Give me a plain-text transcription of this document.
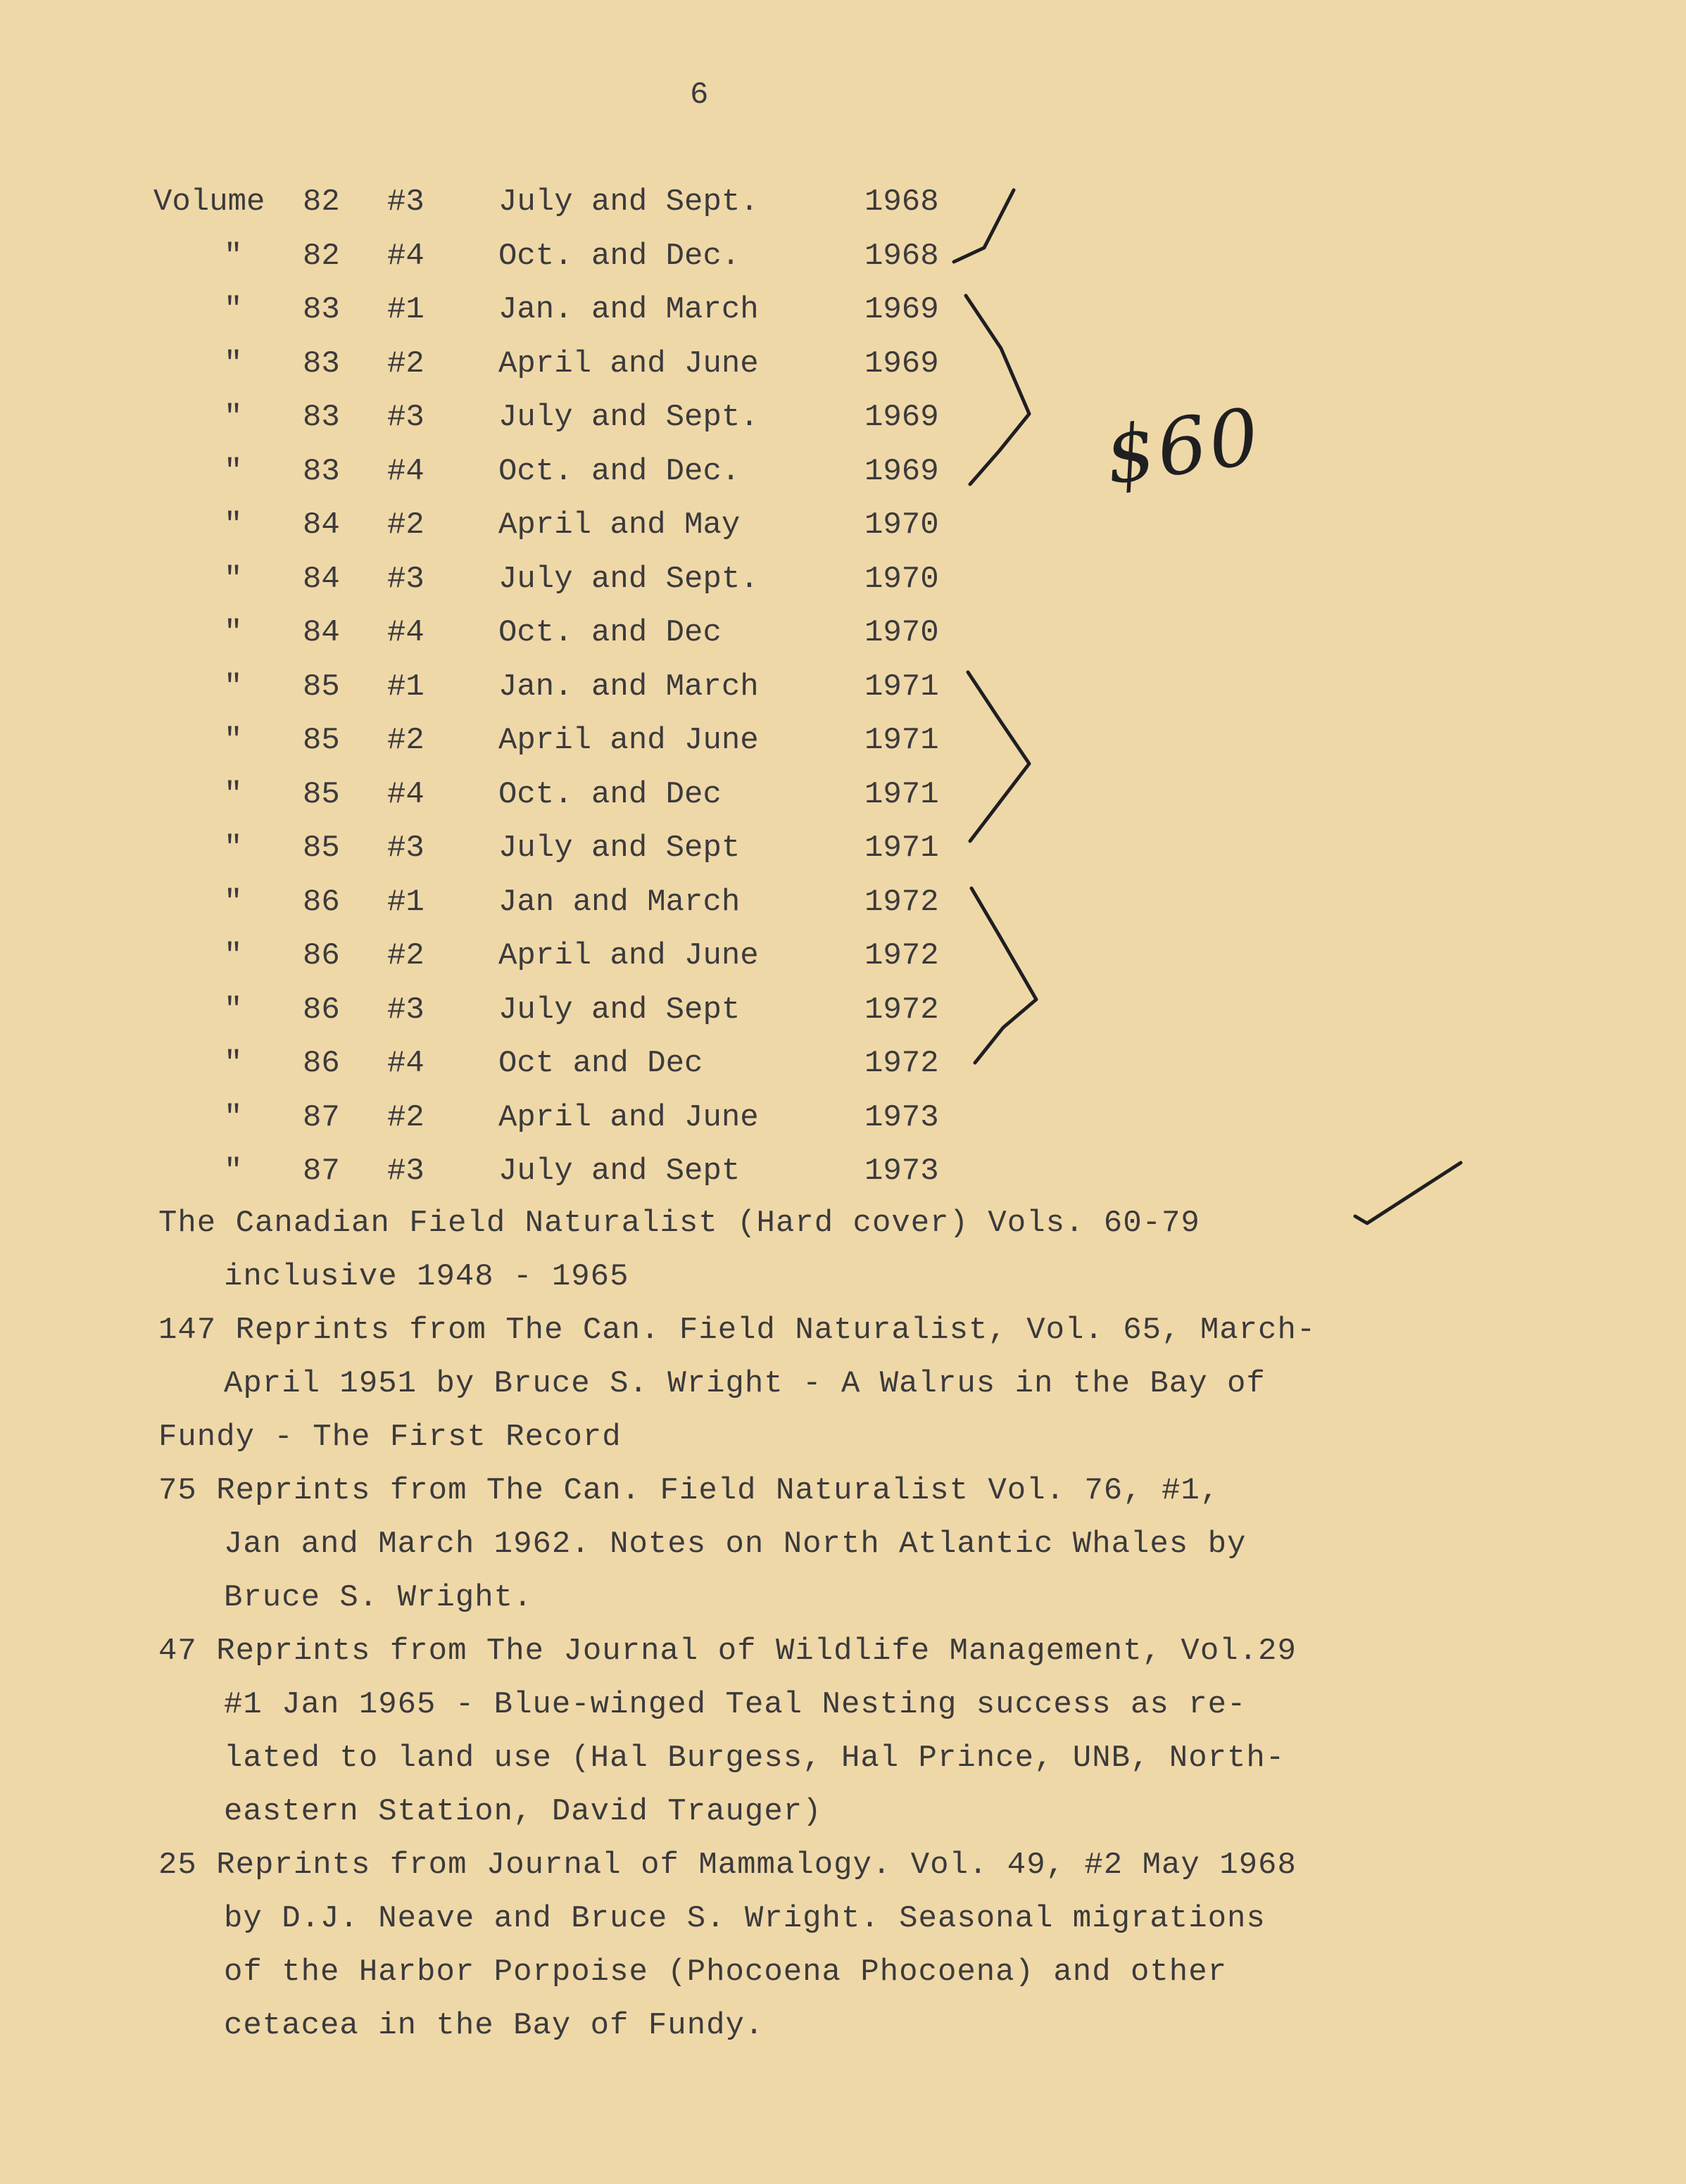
6
Volume 82 #3 July and Sept.	1968
" 82 #4 Oct. and Dec.	1968
" 83 #1 Jan. and March	1969
" 83 #2 April and June	1969
" 83 #3 July and Sept.	1969
" 83 #4 Oct. and Dec.	1969
" 84 #2 April and May	1970
" 84 #3 July and Sept.	1970
" 84 #4 Oct. and Dec	1970
" 85 #1 Jan. and March	1971
" 85 #2 April and June	1971
" 85 #4 Oct. and Dec	1971
" 85 #3 July and Sept	1971
" 86 #1 Jan and March	1972
" 86 #2 April and June	1972
" 86 #3 July and Sept	1972
" 86 #4 Oct and Dec	1972
" 87 #2 April and June	1973
" 87 #3 July and Sept	1973
$60
The Canadian Field Naturalist (Hard cover) Vols. 60-79
inclusive 1948 - 1965
147 Reprints from The Can. Field Naturalist, Vol. 65, March-
April 1951 by Bruce S. Wright - A Walrus in the Bay of
Fundy - The First Record
75 Reprints from The Can. Field Naturalist Vol. 76, #1,
Jan and March 1962. Notes on North Atlantic Whales by
Bruce S. Wright.
47 Reprints from The Journal of Wildlife Management, Vol.29
#1 Jan 1965 - Blue-winged Teal Nesting success as re-
lated to land use (Hal Burgess, Hal Prince, UNB, North-
eastern Station, David Trauger)
25 Reprints from Journal of Mammalogy. Vol. 49, #2 May 1968
by D.J. Neave and Bruce S. Wright. Seasonal migrations
of the Harbor Porpoise (Phocoena Phocoena) and other
cetacea in the Bay of Fundy.
